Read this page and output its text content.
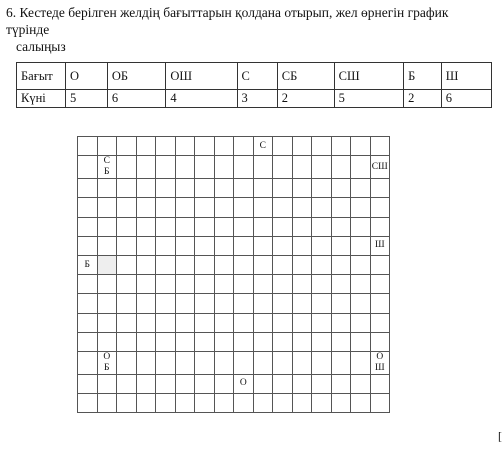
6. Кестеде берілген желдің бағыттарын қолдана отырып, жел өрнегін график түрінде
салыңыз
Бағыт	О	ОБ	ОШ	С	СБ	СШ	Б	Ш
Күні	5	6	4	3	2	5	2	6
									С						
	С
Б														СШ

															Ш
Б															

	О
Б														О
Ш
								О							

[
